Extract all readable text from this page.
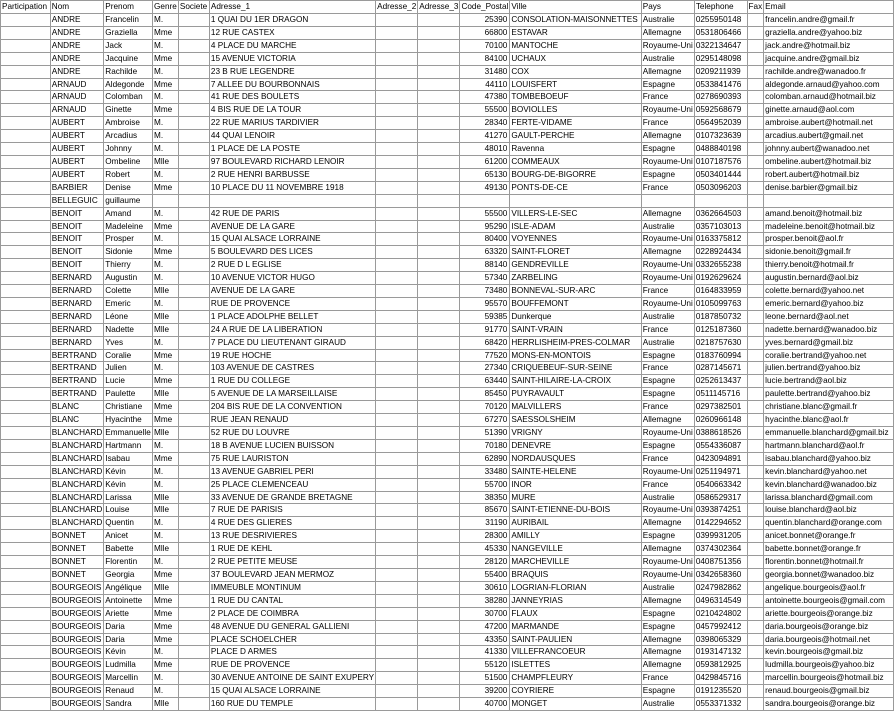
Participation	Nom	Prenom	Genre	Societe	Adresse_1	Adresse_2	Adresse_3	Code_Postal	Ville	Pays	Telephone	Fax	Email
	ANDRE	Francelin	M.		1 QUAI DU 1ER DRAGON			25390	CONSOLATION-MAISONNETTES	Australie	0255950148		francelin.andre@gmail.fr
	ANDRE	Graziella	Mme		12 RUE CASTEX			66800	ESTAVAR	Allemagne	0531806466		graziella.andre@yahoo.biz
	ANDRE	Jack	M.		4 PLACE DU MARCHE			70100	MANTOCHE	Royaume-Uni	0322134647		jack.andre@hotmail.biz
	ANDRE	Jacquine	Mme		15 AVENUE VICTORIA			84100	UCHAUX	Australie	0295148098		jacquine.andre@gmail.biz
	ANDRE	Rachilde	M.		23 B RUE LEGENDRE			31480	COX	Allemagne	0209211939		rachilde.andre@wanadoo.fr
	ARNAUD	Aldegonde	Mme		7 ALLEE DU BOURBONNAIS			44110	LOUISFERT	Espagne	0533841476		aldegonde.arnaud@yahoo.com
	ARNAUD	Colomban	M.		41 RUE DES BOULETS			47380	TOMBEBOEUF	France	0278690393		colomban.arnaud@hotmail.biz
	ARNAUD	Ginette	Mme		4 BIS RUE DE LA TOUR			55500	BOVIOLLES	Royaume-Uni	0592568679		ginette.arnaud@aol.com
	AUBERT	Ambroise	M.		22 RUE MARIUS TARDIVIER			28340	FERTE-VIDAME	France	0564952039		ambroise.aubert@hotmail.net
	AUBERT	Arcadius	M.		44 QUAI LENOIR			41270	GAULT-PERCHE	Allemagne	0107323639		arcadius.aubert@gmail.net
	AUBERT	Johnny	M.		1 PLACE DE LA POSTE			48010	Ravenna	Espagne	0488840198		johnny.aubert@wanadoo.net
	AUBERT	Ombeline	Mlle		97 BOULEVARD RICHARD LENOIR			61200	COMMEAUX	Royaume-Uni	0107187576		ombeline.aubert@hotmail.biz
	AUBERT	Robert	M.		2 RUE HENRI BARBUSSE			65130	BOURG-DE-BIGORRE	Espagne	0503401444		robert.aubert@hotmail.biz
	BARBIER	Denise	Mme		10 PLACE DU 11 NOVEMBRE 1918			49130	PONTS-DE-CE	France	0503096203		denise.barbier@gmail.biz
	BELLEGUIC	guillaume											
	BENOIT	Amand	M.		42 RUE DE PARIS			55500	VILLERS-LE-SEC	Allemagne	0362664503		amand.benoit@hotmail.biz
	BENOIT	Madeleine	Mme		AVENUE DE LA GARE			95290	ISLE-ADAM	Australie	0357103013		madeleine.benoit@hotmail.biz
	BENOIT	Prosper	M.		15 QUAI ALSACE LORRAINE			80400	VOYENNES	Royaume-Uni	0163375812		prosper.benoit@aol.fr
	BENOIT	Sidonie	Mme		5 BOULEVARD DES LICES			63320	SAINT-FLORET	Allemagne	0228924434		sidonie.benoit@gmail.fr
	BENOIT	Thierry	M.		2 RUE D L EGLISE			88140	GENDREVILLE	Royaume-Uni	0332655238		thierry.benoit@hotmail.fr
	BERNARD	Augustin	M.		10 AVENUE VICTOR HUGO			57340	ZARBELING	Royaume-Uni	0192629624		augustin.bernard@aol.biz
	BERNARD	Colette	Mlle		AVENUE DE LA GARE			73480	BONNEVAL-SUR-ARC	France	0164833959		colette.bernard@yahoo.net
	BERNARD	Emeric	M.		RUE DE PROVENCE			95570	BOUFFEMONT	Royaume-Uni	0105099763		emeric.bernard@yahoo.biz
	BERNARD	Léone	Mlle		1 PLACE ADOLPHE BELLET			59385	Dunkerque	Australie	0187850732		leone.bernard@aol.net
	BERNARD	Nadette	Mlle		24 A RUE DE LA LIBERATION			91770	SAINT-VRAIN	France	0125187360		nadette.bernard@wanadoo.biz
	BERNARD	Yves	M.		7 PLACE DU LIEUTENANT GIRAUD			68420	HERRLISHEIM-PRES-COLMAR	Australie	0218757630		yves.bernard@gmail.biz
	BERTRAND	Coralie	Mme		19 RUE HOCHE			77520	MONS-EN-MONTOIS	Espagne	0183760994		coralie.bertrand@yahoo.net
	BERTRAND	Julien	M.		103 AVENUE DE CASTRES			27340	CRIQUEBEUF-SUR-SEINE	France	0287145671		julien.bertrand@yahoo.biz
	BERTRAND	Lucie	Mme		1 RUE DU COLLEGE			63440	SAINT-HILAIRE-LA-CROIX	Espagne	0252613437		lucie.bertrand@aol.biz
	BERTRAND	Paulette	Mlle		5 AVENUE DE LA MARSEILLAISE			85450	PUYRAVAULT	Espagne	0511145716		paulette.bertrand@yahoo.biz
	BLANC	Christiane	Mme		204 BIS RUE DE LA CONVENTION			70120	MALVILLERS	France	0297382501		christiane.blanc@gmail.fr
	BLANC	Hyacinthe	Mme		RUE JEAN RENAUD			67270	SAESSOLSHEIM	Allemagne	0260966148		hyacinthe.blanc@aol.fr
	BLANCHARD	Emmanuelle	Mlle		52 RUE DU LOUVRE			51390	VRIGNY	Royaume-Uni	0388618526		emmanuelle.blanchard@gmail.biz
	BLANCHARD	Hartmann	M.		18 B AVENUE LUCIEN BUISSON			70180	DENEVRE	Espagne	0554336087		hartmann.blanchard@aol.fr
	BLANCHARD	Isabau	Mme		75 RUE LAURISTON			62890	NORDAUSQUES	France	0423094891		isabau.blanchard@yahoo.biz
	BLANCHARD	Kévin	M.		13 AVENUE GABRIEL PERI			33480	SAINTE-HELENE	Royaume-Uni	0251194971		kevin.blanchard@yahoo.net
	BLANCHARD	Kévin	M.		25 PLACE CLEMENCEAU			55700	INOR	France	0540663342		kevin.blanchard@wanadoo.biz
	BLANCHARD	Larissa	Mlle		33 AVENUE DE GRANDE BRETAGNE			38350	MURE	Australie	0586529317		larissa.blanchard@gmail.com
	BLANCHARD	Louise	Mlle		7 RUE DE PARISIS			85670	SAINT-ETIENNE-DU-BOIS	Royaume-Uni	0393874251		louise.blanchard@aol.biz
	BLANCHARD	Quentin	M.		4 RUE DES GLIERES			31190	AURIBAIL	Allemagne	0142294652		quentin.blanchard@orange.com
	BONNET	Anicet	M.		13 RUE DESRIVIERES			28300	AMILLY	Espagne	0399931205		anicet.bonnet@orange.fr
	BONNET	Babette	Mlle		1 RUE DE KEHL			45330	NANGEVILLE	Allemagne	0374302364		babette.bonnet@orange.fr
	BONNET	Florentin	M.		2 RUE PETITE MEUSE			28120	MARCHEVILLE	Royaume-Uni	0408751356		florentin.bonnet@hotmail.fr
	BONNET	Georgia	Mme		37 BOULEVARD JEAN MERMOZ			55400	BRAQUIS	Royaume-Uni	0342658360		georgia.bonnet@wanadoo.biz
	BOURGEOIS	Angélique	Mlle		IMMEUBLE MONTINUM			30610	LOGRIAN-FLORIAN	Australie	0247982862		angelique.bourgeois@aol.fr
	BOURGEOIS	Antoinette	Mme		1 RUE DU CANTAL			38280	JANNEYRIAS	Allemagne	0496314549		antoinette.bourgeois@gmail.com
	BOURGEOIS	Ariette	Mme		2 PLACE DE COIMBRA			30700	FLAUX	Espagne	0210424802		ariette.bourgeois@orange.biz
	BOURGEOIS	Daria	Mme		48 AVENUE DU GENERAL GALLIENI			47200	MARMANDE	Espagne	0457992412		daria.bourgeois@orange.biz
	BOURGEOIS	Daria	Mme		PLACE SCHOELCHER			43350	SAINT-PAULIEN	Allemagne	0398065329		daria.bourgeois@hotmail.net
	BOURGEOIS	Kévin	M.		PLACE D ARMES			41330	VILLEFRANCOEUR	Allemagne	0193147132		kevin.bourgeois@gmail.biz
	BOURGEOIS	Ludmilla	Mme		RUE DE PROVENCE			55120	ISLETTES	Allemagne	0593812925		ludmilla.bourgeois@yahoo.biz
	BOURGEOIS	Marcellin	M.		30 AVENUE ANTOINE DE SAINT EXUPERY			51500	CHAMPFLEURY	France	0429845716		marcellin.bourgeois@hotmail.biz
	BOURGEOIS	Renaud	M.		15 QUAI ALSACE LORRAINE			39200	COYRIERE	Espagne	0191235520		renaud.bourgeois@gmail.biz
	BOURGEOIS	Sandra	Mlle		160 RUE DU TEMPLE			40700	MONGET	Australie	0553371332		sandra.bourgeois@orange.biz
